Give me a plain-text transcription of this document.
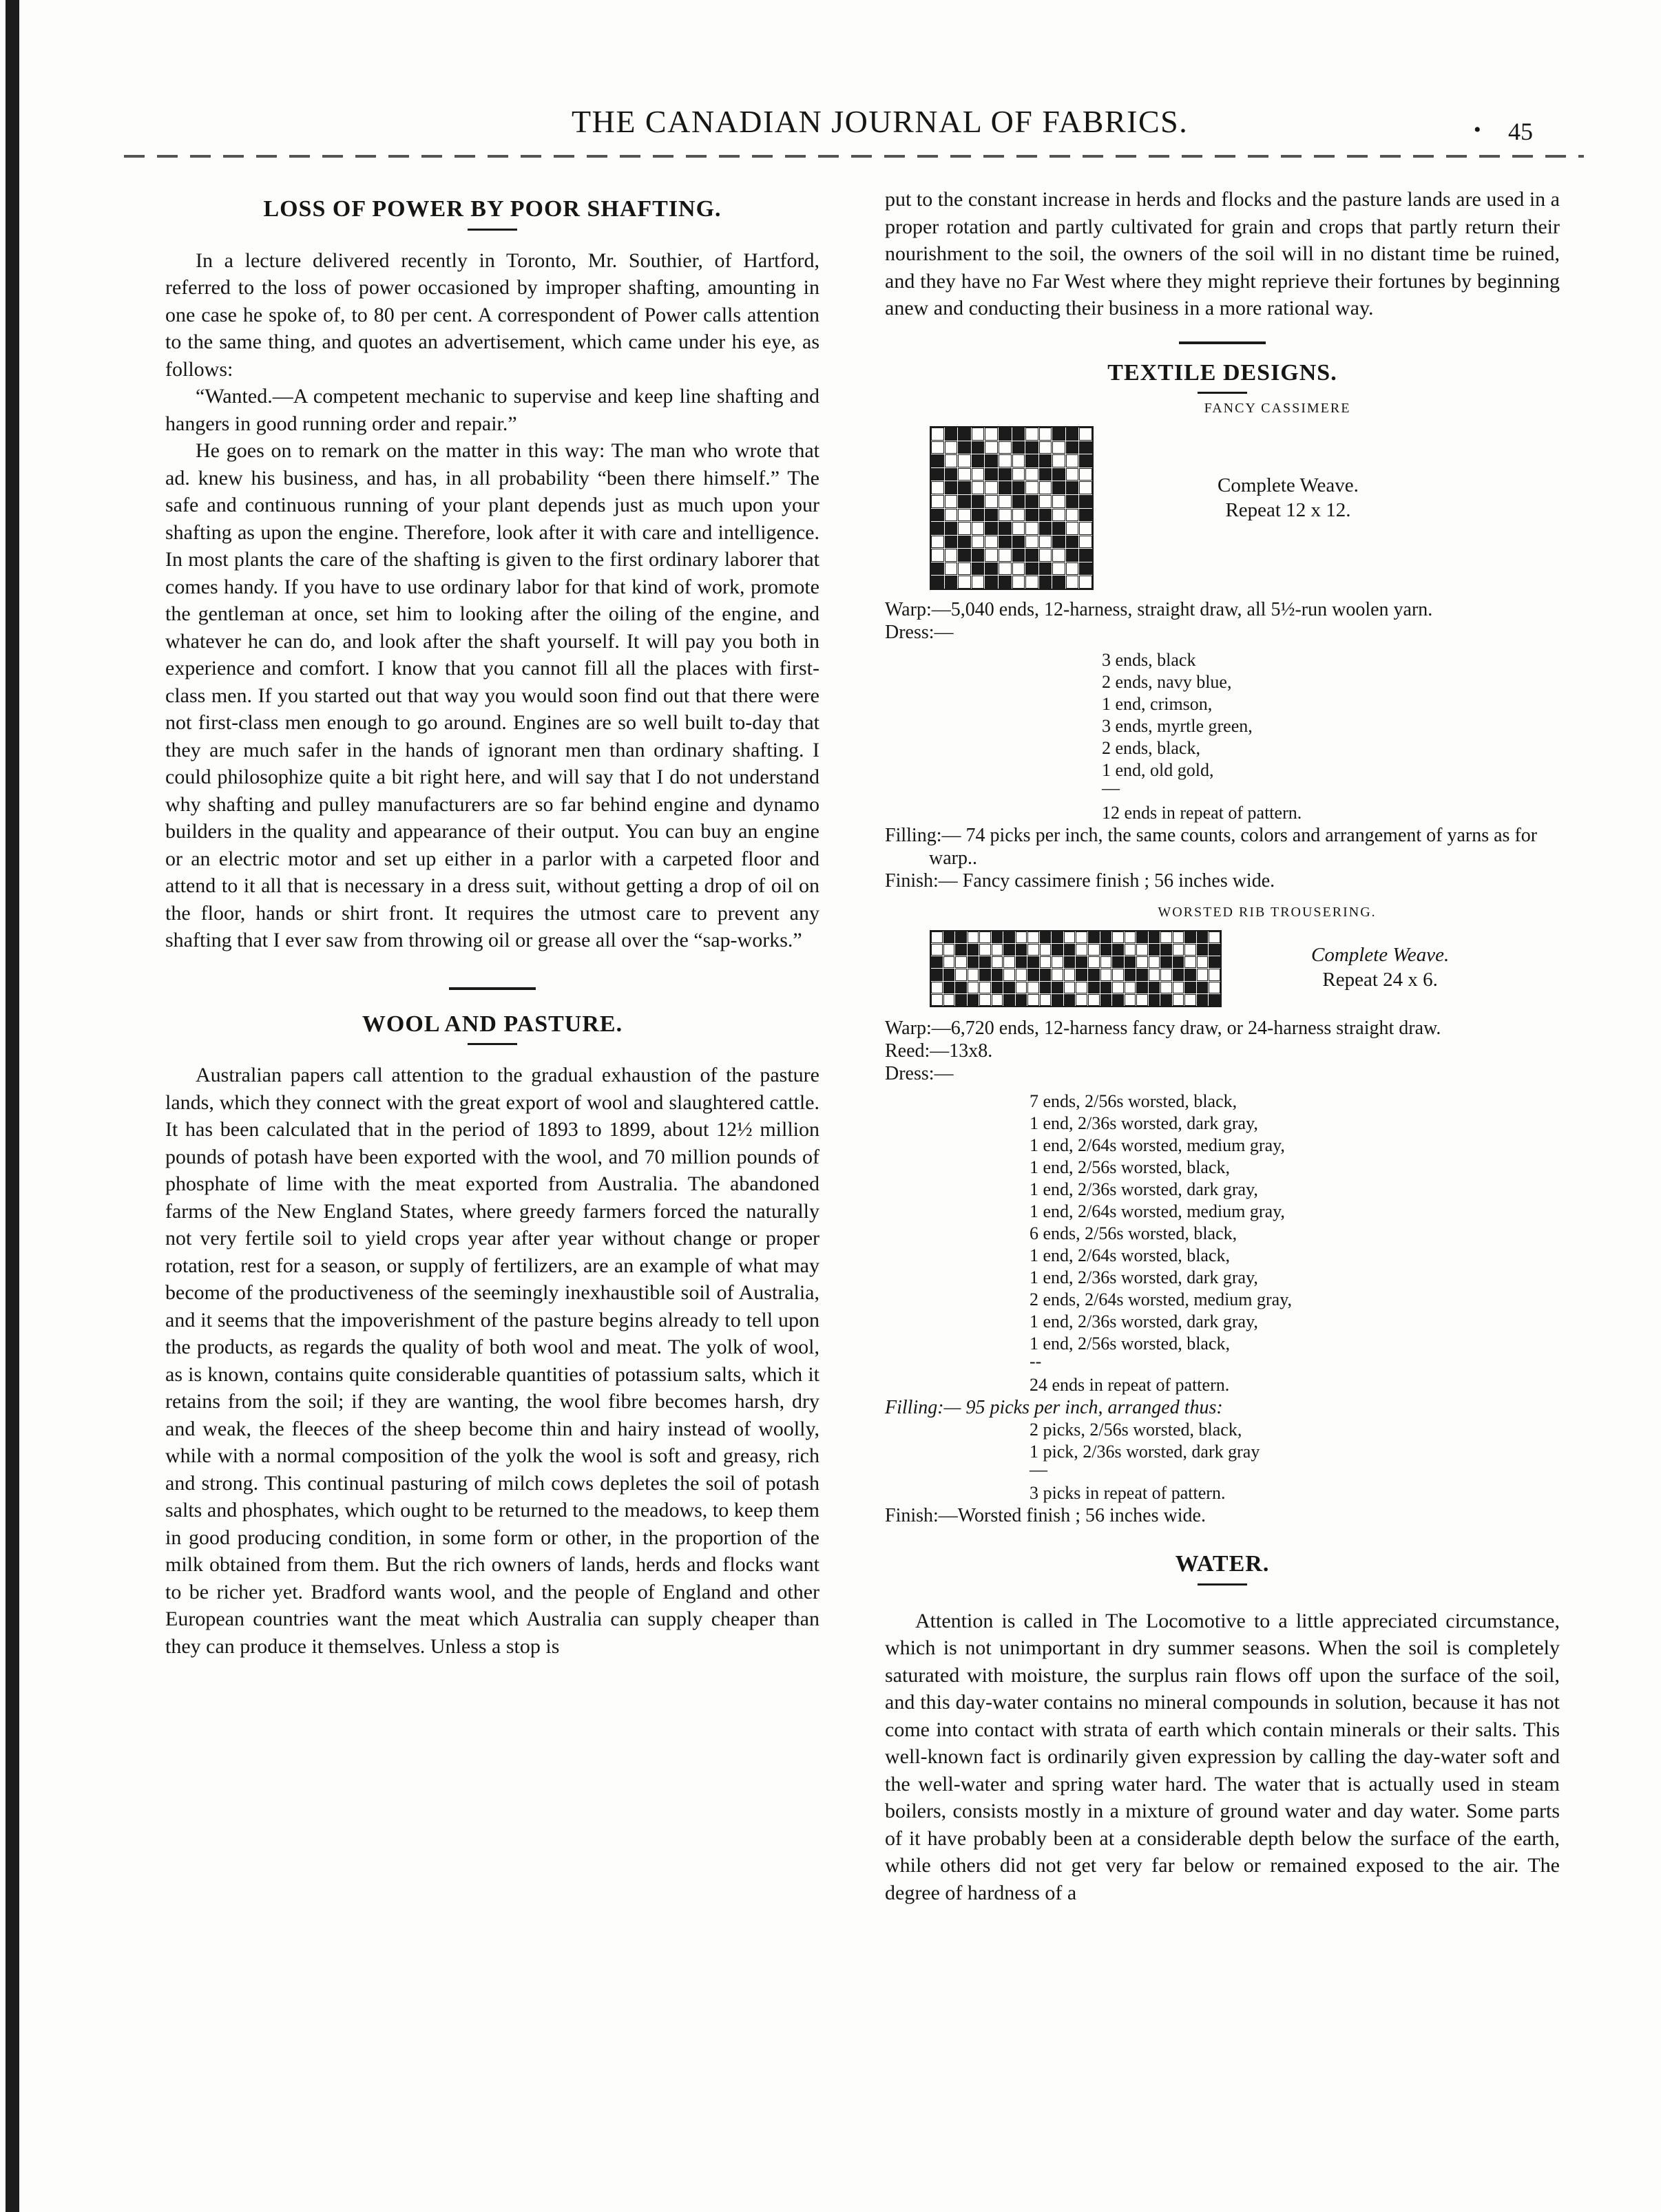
THE CANADIAN JOURNAL OF FABRICS.	• 45
LOSS OF POWER BY POOR SHAFTING.

In a lecture delivered recently in Toronto, Mr. Southier, of Hartford, referred to the loss of power occasioned by improper shafting, amounting in one case he spoke of, to 80 per cent. A correspondent of Power calls attention to the same thing, and quotes an advertisement, which came under his eye, as follows:

“Wanted.—A competent mechanic to supervise and keep line shafting and hangers in good running order and repair.”

He goes on to remark on the matter in this way: The man who wrote that ad. knew his business, and has, in all probability “been there himself.” The safe and continuous running of your plant depends just as much upon your shafting as upon the engine. Therefore, look after it with care and intelligence. In most plants the care of the shafting is given to the first ordinary laborer that comes handy. If you have to use ordinary labor for that kind of work, promote the gentleman at once, set him to looking after the oiling of the engine, and whatever he can do, and look after the shaft yourself. It will pay you both in experience and comfort. I know that you cannot fill all the places with first-class men. If you started out that way you would soon find out that there were not first-class men enough to go around. Engines are so well built to-day that they are much safer in the hands of ignorant men than ordinary shafting. I could philosophize quite a bit right here, and will say that I do not understand why shafting and pulley manufacturers are so far behind engine and dynamo builders in the quality and appearance of their output. You can buy an engine or an electric motor and set up either in a parlor with a carpeted floor and attend to it all that is necessary in a dress suit, without getting a drop of oil on the floor, hands or shirt front. It requires the utmost care to prevent any shafting that I ever saw from throwing oil or grease all over the “sap-works.”

WOOL AND PASTURE.

Australian papers call attention to the gradual exhaustion of the pasture lands, which they connect with the great export of wool and slaughtered cattle. It has been calculated that in the period of 1893 to 1899, about 12½ million pounds of potash have been exported with the wool, and 70 million pounds of phosphate of lime with the meat exported from Australia. The abandoned farms of the New England States, where greedy farmers forced the naturally not very fertile soil to yield crops year after year without change or proper rotation, rest for a season, or supply of fertilizers, are an example of what may become of the productiveness of the seemingly inexhaustible soil of Australia, and it seems that the impoverishment of the pasture begins already to tell upon the products, as regards the quality of both wool and meat. The yolk of wool, as is known, contains quite considerable quantities of potassium salts, which it retains from the soil; if they are wanting, the wool fibre becomes harsh, dry and weak, the fleeces of the sheep become thin and hairy instead of woolly, while with a normal composition of the yolk the wool is soft and greasy, rich and strong. This continual pasturing of milch cows depletes the soil of potash salts and phosphates, which ought to be returned to the meadows, to keep them in good producing condition, in some form or other, in the proportion of the milk obtained from them. But the rich owners of lands, herds and flocks want to be richer yet. Bradford wants wool, and the people of England and other European countries want the meat which Australia can supply cheaper than they can produce it themselves. Unless a stop is

put to the constant increase in herds and flocks and the pasture lands are used in a proper rotation and partly cultivated for grain and crops that partly return their nourishment to the soil, the owners of the soil will in no distant time be ruined, and they have no Far West where they might reprieve their fortunes by beginning anew and conducting their business in a more rational way.

TEXTILE DESIGNS.
FANCY CASSIMERE
Complete Weave.
Repeat 12 x 12.
Warp:—5,040 ends, 12-harness, straight draw, all 5½-run woolen yarn.
Dress:—
3 ends, black
2 ends, navy blue,
1 end, crimson,
3 ends, myrtle green,
2 ends, black,
1 end, old gold,
—
12 ends in repeat of pattern.
Filling:— 74 picks per inch, the same counts, colors and arrangement of yarns as for warp..
Finish:— Fancy cassimere finish ; 56 inches wide.
WORSTED RIB TROUSERING.
Complete Weave.
Repeat 24 x 6.
Warp:—6,720 ends, 12-harness fancy draw, or 24-harness straight draw.
Reed:—13x8.
Dress:—
7 ends, 2/56s worsted, black,
1 end, 2/36s worsted, dark gray,
1 end, 2/64s worsted, medium gray,
1 end, 2/56s worsted, black,
1 end, 2/36s worsted, dark gray,
1 end, 2/64s worsted, medium gray,
6 ends, 2/56s worsted, black,
1 end, 2/64s worsted, black,
1 end, 2/36s worsted, dark gray,
2 ends, 2/64s worsted, medium gray,
1 end, 2/36s worsted, dark gray,
1 end, 2/56s worsted, black,
--
24 ends in repeat of pattern.
Filling:— 95 picks per inch, arranged thus:
2 picks, 2/56s worsted, black,
1 pick, 2/36s worsted, dark gray
—
3 picks in repeat of pattern.
Finish:—Worsted finish ; 56 inches wide.
WATER.

Attention is called in The Locomotive to a little appreciated circumstance, which is not unimportant in dry summer seasons. When the soil is completely saturated with moisture, the surplus rain flows off upon the surface of the soil, and this day-water contains no mineral compounds in solution, because it has not come into contact with strata of earth which contain minerals or their salts. This well-known fact is ordinarily given expression by calling the day-water soft and the well-water and spring water hard. The water that is actually used in steam boilers, consists mostly in a mixture of ground water and day water. Some parts of it have probably been at a considerable depth below the surface of the earth, while others did not get very far below or remained exposed to the air. The degree of hardness of a
